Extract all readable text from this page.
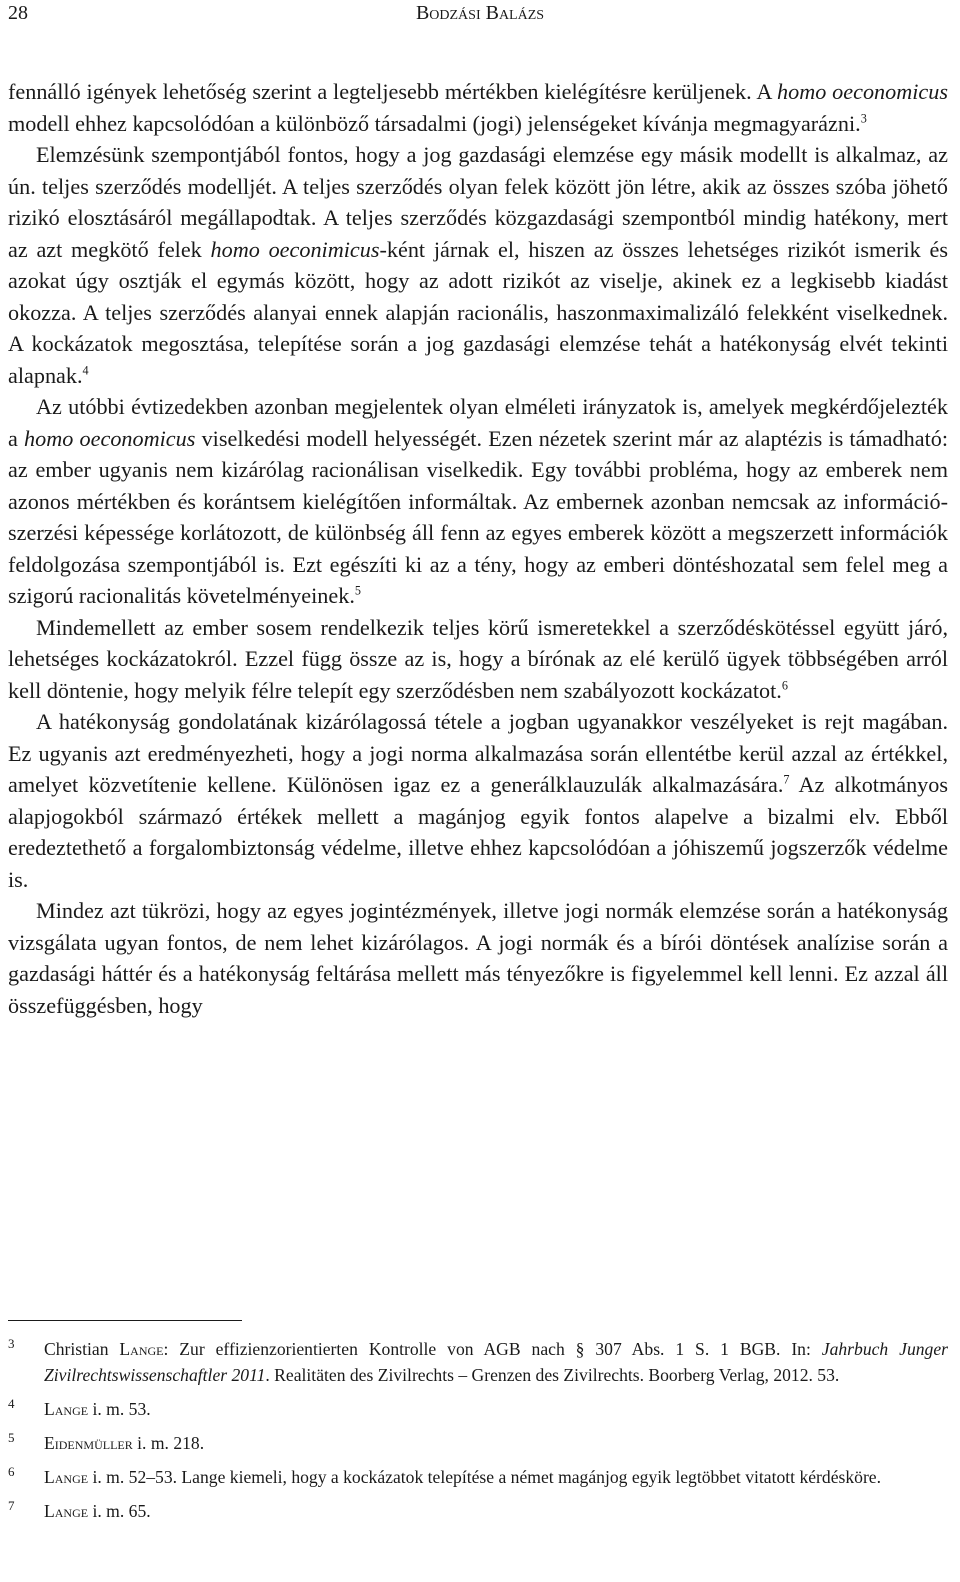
28	Bodzási Balázs

fennálló igények lehetőség szerint a legteljesebb mértékben kielégítésre kerüljenek. A homo oeconomicus modell ehhez kapcsolódóan a különböző társadalmi (jogi) jelenségeket kívánja megmagyarázni.$^3$

Elemzésünk szempontjából fontos, hogy a jog gazdasági elemzése egy másik modellt is alkalmaz, az ún. teljes szerződés modelljét. A teljes szerződés olyan felek között jön létre, akik az összes szóba jöhető rizikó elosztásáról megállapodtak. A teljes szerződés közgazdasági szempontból mindig hatékony, mert az azt megkötő felek homo oeconimicus-ként járnak el, hiszen az összes lehetséges rizikót ismerik és azokat úgy osztják el egymás között, hogy az adott rizikót az viselje, akinek ez a legkisebb kiadást okozza. A teljes szerződés alanyai ennek alapján racionális, haszonmaximalizáló felekként viselkednek. A kockázatok megosztása, telepítése során a jog gazdasági elemzése tehát a hatékonyság elvét tekinti alapnak.$^4$

Az utóbbi évtizedekben azonban megjelentek olyan elméleti irányzatok is, amelyek megkérdőjelezték a homo oeconomicus viselkedési modell helyességét. Ezen nézetek szerint már az alaptézis is támadható: az ember ugyanis nem kizárólag racionálisan viselkedik. Egy további probléma, hogy az emberek nem azonos mértékben és korántsem kielégítően informáltak. Az embernek azonban nemcsak az információszerzési képessége korlátozott, de különbség áll fenn az egyes emberek között a megszerzett információk feldolgozása szempontjából is. Ezt egészíti ki az a tény, hogy az emberi döntéshozatal sem felel meg a szigorú racionalitás követelményeinek.$^5$

Mindemellett az ember sosem rendelkezik teljes körű ismeretekkel a szerződéskötéssel együtt járó, lehetséges kockázatokról. Ezzel függ össze az is, hogy a bírónak az elé kerülő ügyek többségében arról kell döntenie, hogy melyik félre telepít egy szerződésben nem szabályozott kockázatot.$^6$

A hatékonyság gondolatának kizárólagossá tétele a jogban ugyanakkor veszélyeket is rejt magában. Ez ugyanis azt eredményezheti, hogy a jogi norma alkalmazása során ellentétbe kerül azzal az értékkel, amelyet közvetítenie kellene. Különösen igaz ez a generálklauzulák alkalmazására.$^7$ Az alkotmányos alapjogokból származó értékek mellett a magánjog egyik fontos alapelve a bizalmi elv. Ebből eredeztethető a forgalombiztonság védelme, illetve ehhez kapcsolódóan a jóhiszemű jogszerzők védelme is.

Mindez azt tükrözi, hogy az egyes jogintézmények, illetve jogi normák elemzése során a hatékonyság vizsgálata ugyan fontos, de nem lehet kizárólagos. A jogi normák és a bírói döntések analízise során a gazdasági háttér és a hatékonyság feltárása mellett más tényezőkre is figyelemmel kell lenni. Ez azzal áll összefüggésben, hogy

3 Christian Lange: Zur effizienzorientierten Kontrolle von AGB nach § 307 Abs. 1 S. 1 BGB. In: Jahrbuch Junger Zivilrechtswissenschaftler 2011. Realitäten des Zivilrechts – Grenzen des Zivilrechts. Boorberg Verlag, 2012. 53.
4 Lange i. m. 53.
5 Eidenmüller i. m. 218.
6 Lange i. m. 52–53. Lange kiemeli, hogy a kockázatok telepítése a német magánjog egyik legtöbbet vitatott kérdésköre.
7 Lange i. m. 65.
